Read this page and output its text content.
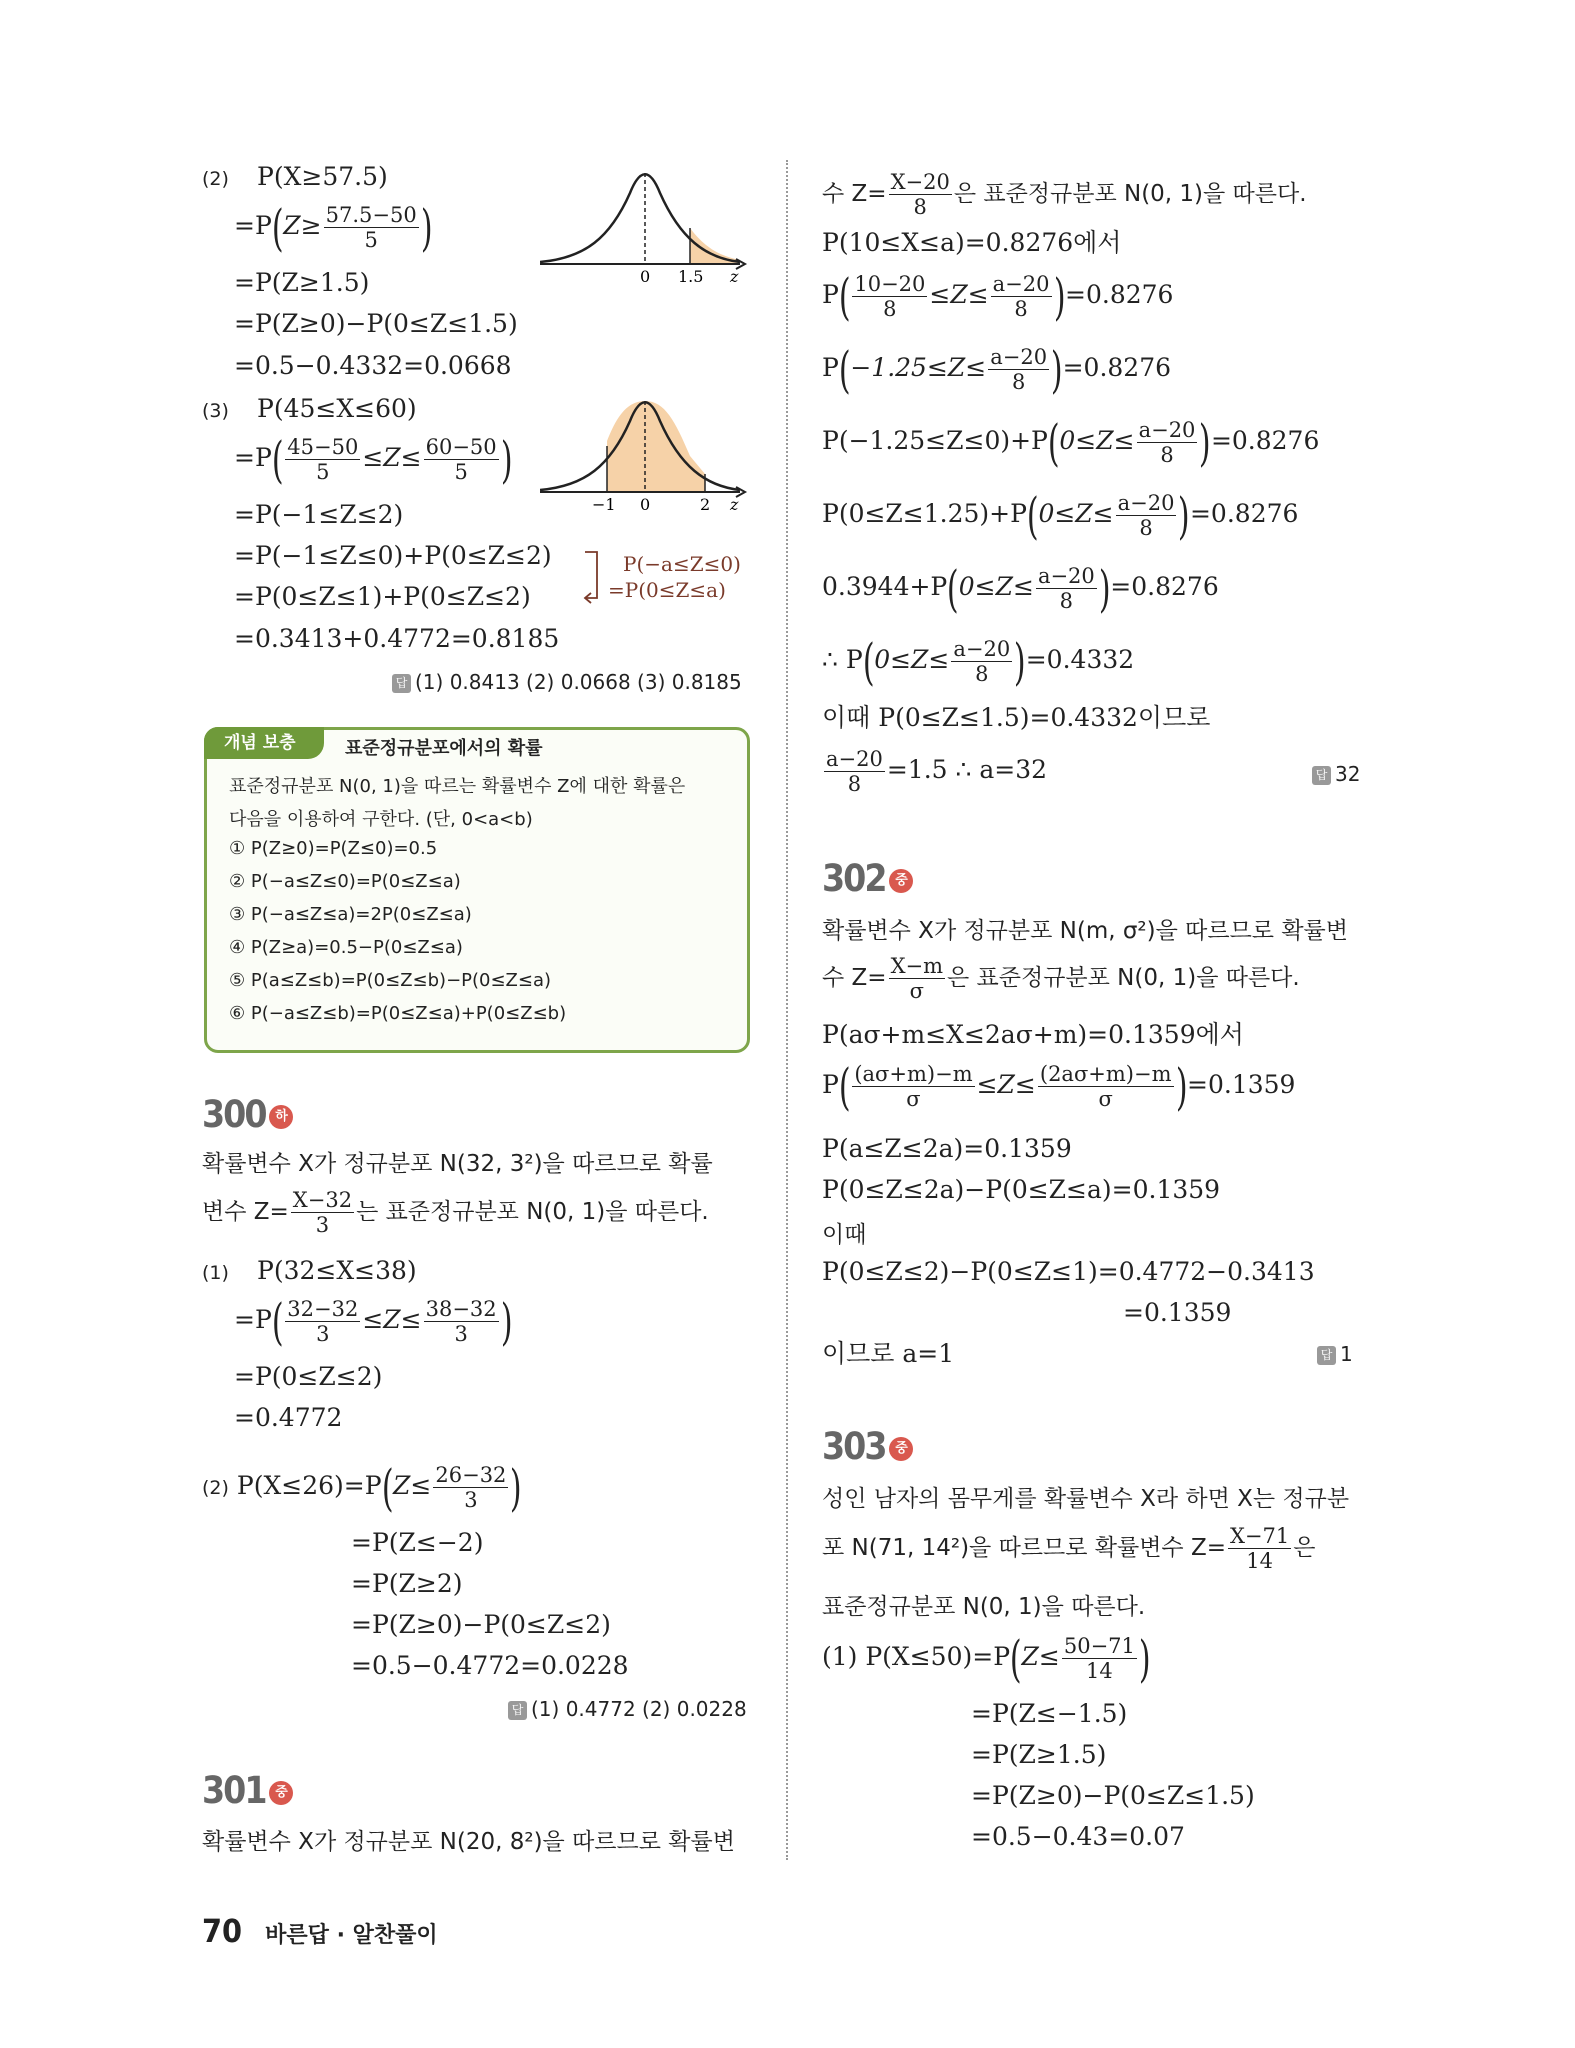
(2) P(X≥57.5)
$=P(Z\ge \frac{57.5-50}{5}$ )
=P(Z≥1.5)
=P(Z≥0)−P(0≤Z≤1.5)
=0.5−0.4332=0.0668
0 1.5 z
(3) P(45≤X≤60)
$=P( \frac{45-50}{5} \le Z\le \frac{60-50}{5}$ )
=P(−1≤Z≤2)
=P(−1≤Z≤0)+P(0≤Z≤2)
=P(0≤Z≤1)+P(0≤Z≤2)
=0.3413+0.4772=0.8185
P(−a≤Z≤0)
=P(0≤Z≤a)
−1 0	2 z
답 (1) 0.8413 (2) 0.0668 (3) 0.8185
개념 보충	표준정규분포에서의 확률
표준정규분포 N(0, 1)을 따르는 확률변수 Z에 대한 확률은
다음을 이용하여 구한다. (단, 0<a<b)
① P(Z≥0)=P(Z≤0)=0.5
② P(−a≤Z≤0)=P(0≤Z≤a)
③ P(−a≤Z≤a)=2P(0≤Z≤a)
④ P(Z≥a)=0.5−P(0≤Z≤a)
⑤ P(a≤Z≤b)=P(0≤Z≤b)−P(0≤Z≤a)
⑥ P(−a≤Z≤b)=P(0≤Z≤a)+P(0≤Z≤b)
300 하
확률변수 X가 정규분포 N(32, 3²)을 따르므로 확률
변수 $Z= \frac{X-32}{3}$ 는 표준정규분포 N(0, 1)을 따른다.
(1) P(32≤X≤38)
$=P( \frac{32-32}{3} \le Z\le \frac{38-32}{3}$ )
=P(0≤Z≤2)
=0.4772
(2) $P(X\le 26)=P(Z\le \frac{26-32}{3}$ )
=P(Z≤−2)
=P(Z≥2)
=P(Z≥0)−P(0≤Z≤2)
=0.5−0.4772=0.0228
답 (1) 0.4772 (2) 0.0228
301 중
확률변수 X가 정규분포 N(20, 8²)을 따르므로 확률변
수 $Z= \frac{X-20}{8}$ 은 표준정규분포 N(0, 1)을 따른다.
P(10≤X≤a)=0.8276에서
$P( \frac{10-20}{8} \le Z\le \frac{a-20}{8} )=0.8276$
$P(-1.25\le Z\le \frac{a-20}{8} )=0.8276$
$P(-1.25\le Z\le 0)+P(0\le Z\le \frac{a-20}{8} )=0.8276$
$P(0\le Z\le 1.25)+P(0\le Z\le \frac{a-20}{8} )=0.8276$
$0.3944+P(0\le Z\le \frac{a-20}{8} )=0.8276$
∴ $P(0\le Z\le \frac{a-20}{8} )=0.4332$
이때 P(0≤Z≤1.5)=0.4332이므로
$\frac{a-20}{8} =1.5$ ∴ a=32	답 32
302 중
확률변수 X가 정규분포 N(m, σ²)을 따르므로 확률변
수 $Z= \frac{X-m}{\sigma}$ 은 표준정규분포 N(0, 1)을 따른다.
P(aσ+m≤X≤2aσ+m)=0.1359에서
$P( \frac{(a\sigma+m)-m}{\sigma} \le Z\le \frac{(2a\sigma+m)-m}{\sigma} )=0.1359$
P(a≤Z≤2a)=0.1359
P(0≤Z≤2a)−P(0≤Z≤a)=0.1359
이때
P(0≤Z≤2)−P(0≤Z≤1)=0.4772−0.3413
=0.1359
이므로 a=1	답 1
303 중
성인 남자의 몸무게를 확률변수 X라 하면 X는 정규분
포 N(71, 14²)을 따르므로 확률변수 $Z= \frac{X-71}{14}$ 은
표준정규분포 N(0, 1)을 따른다.
(1) $P(X\le 50)=P(Z\le \frac{50-71}{14}$ )
=P(Z≤−1.5)
=P(Z≥1.5)
=P(Z≥0)−P(0≤Z≤1.5)
=0.5−0.43=0.07
70 바른답 · 알찬풀이
